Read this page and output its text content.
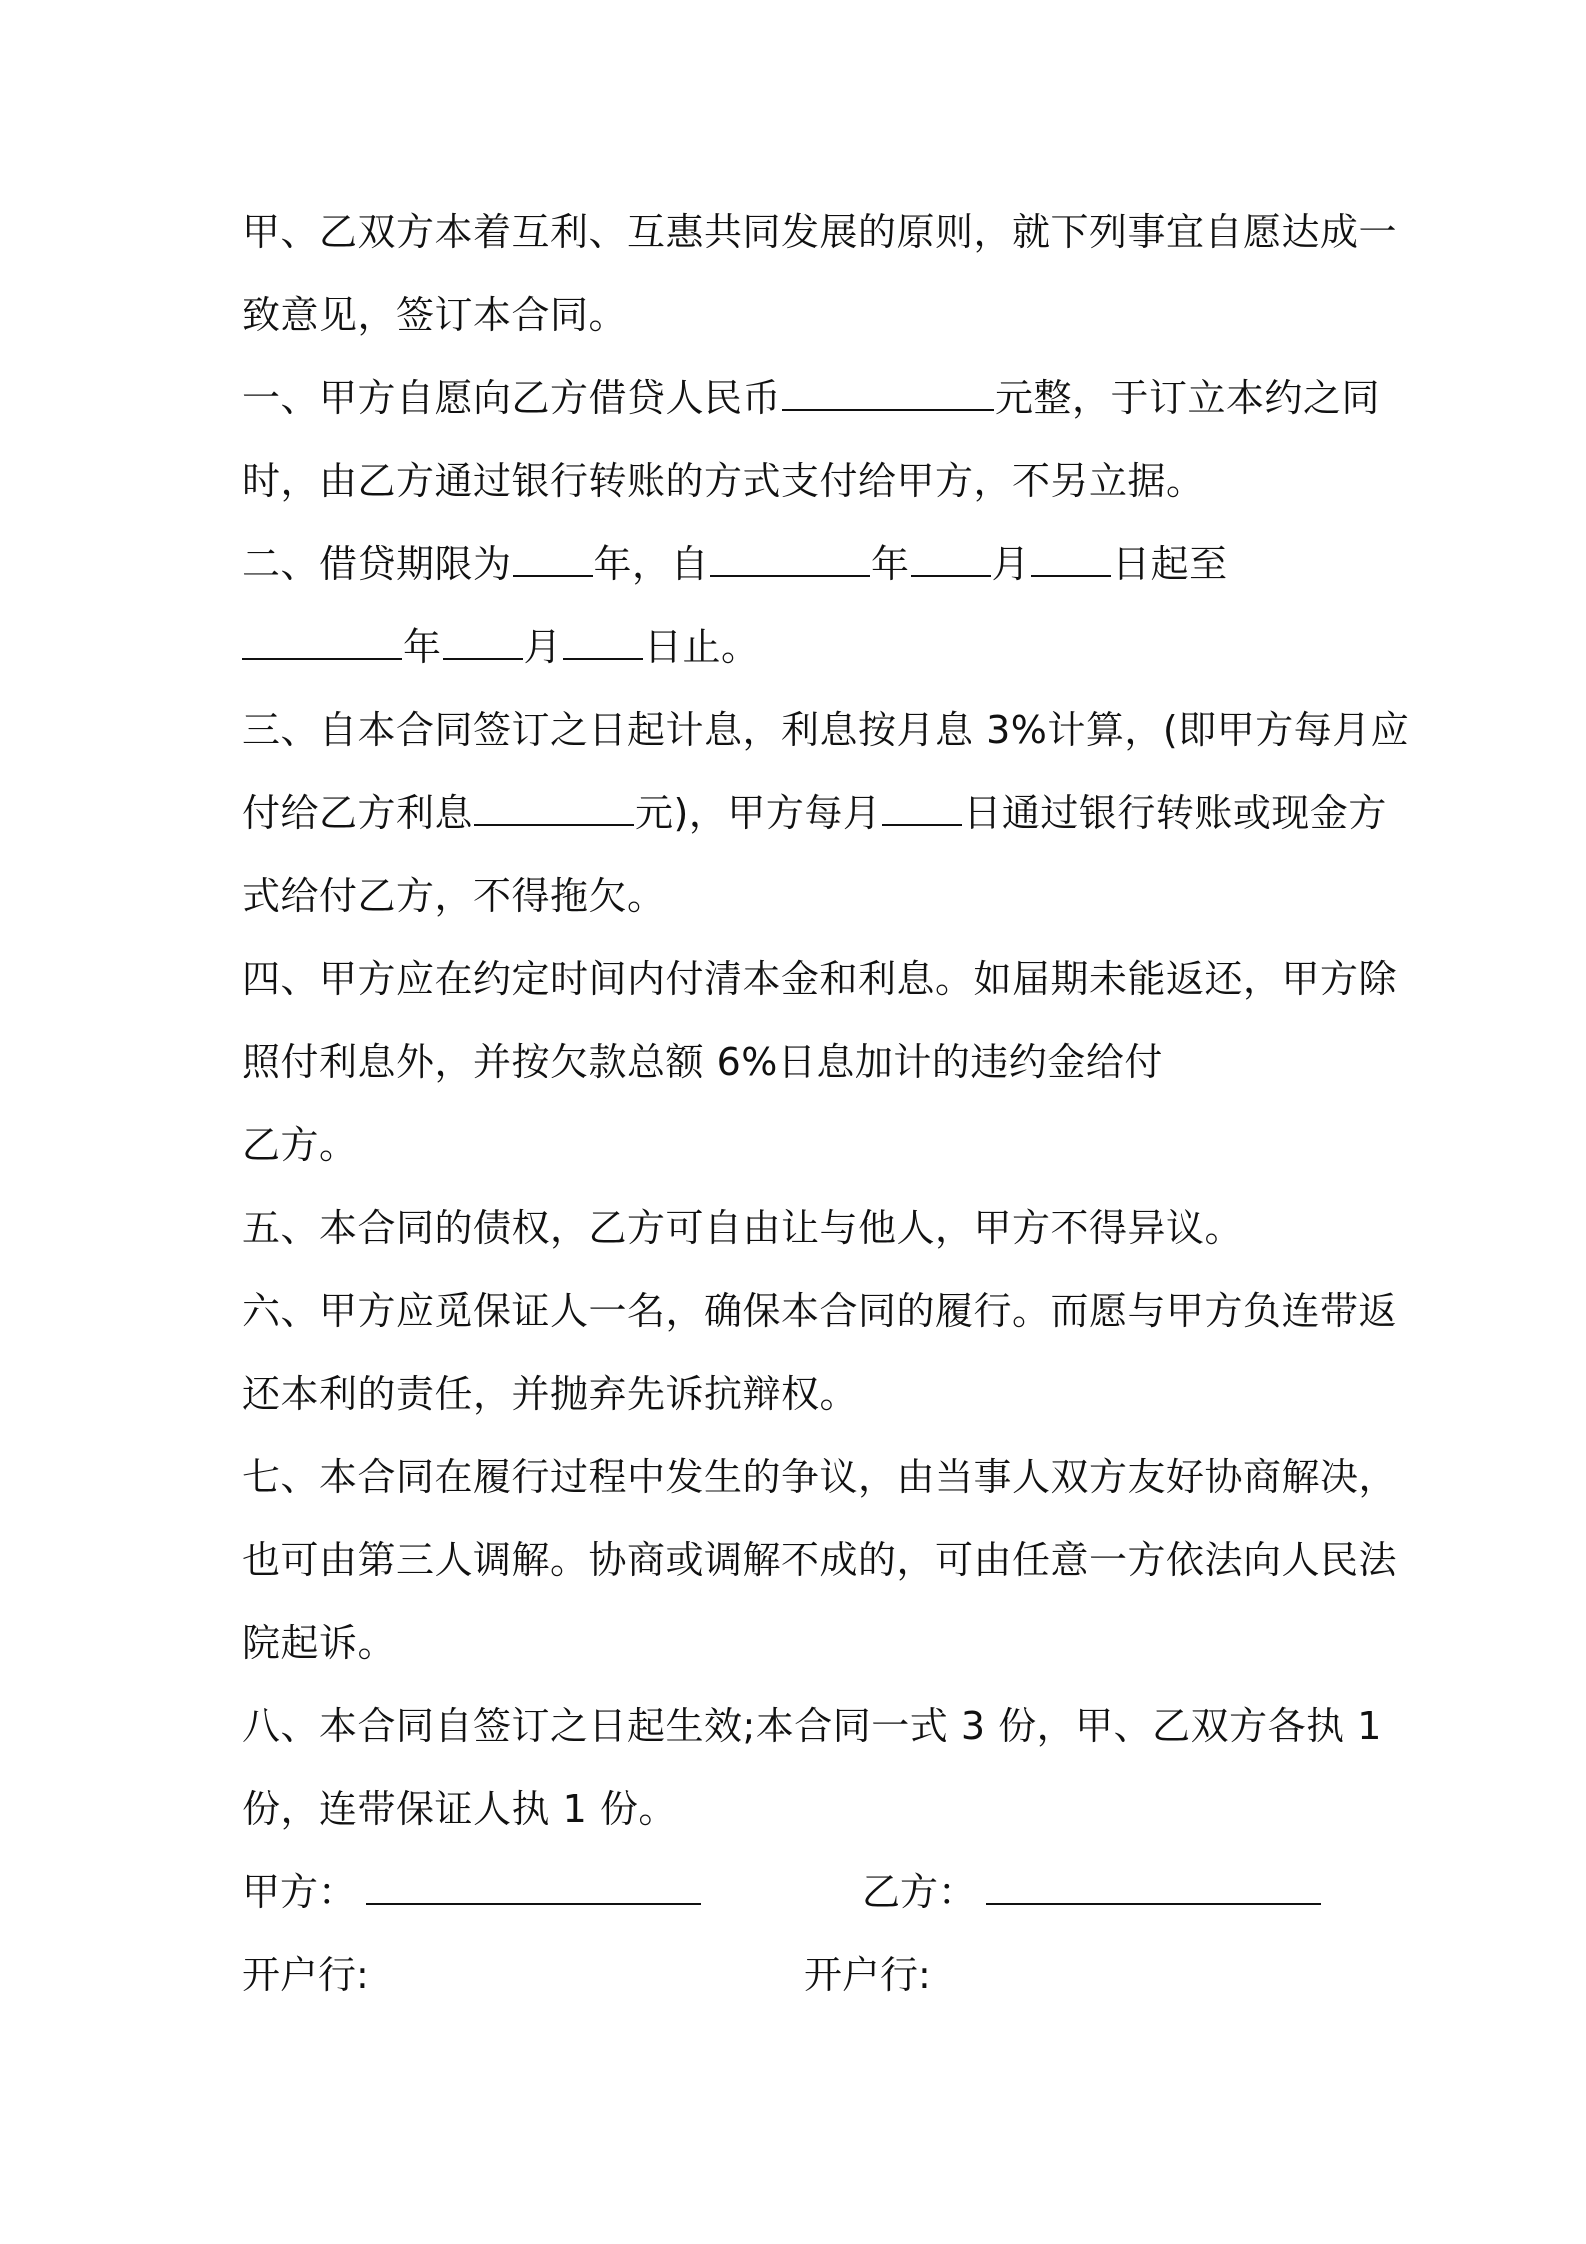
甲、乙双方本着互利、互惠共同发展的原则，就下列事宜自愿达成一
致意见，签订本合同。
一、甲方自愿向乙方借贷人民币	元整，于订立本约之同
时，由乙方通过银行转账的方式支付给甲方，不另立据。
二、借贷期限为 年，自	年 月 日起至
年 月 日止。
三、自本合同签订之日起计息，利息按月息 3%计算，(即甲方每月应
付给乙方利息	元)，甲方每月 日通过银行转账或现金方
式给付乙方，不得拖欠。
四、甲方应在约定时间内付清本金和利息。如届期未能返还，甲方除
照付利息外，并按欠款总额 6%日息加计的违约金给付
乙方。
五、本合同的债权，乙方可自由让与他人，甲方不得异议。
六、甲方应觅保证人一名，确保本合同的履行。而愿与甲方负连带返
还本利的责任，并抛弃先诉抗辩权。
七、本合同在履行过程中发生的争议，由当事人双方友好协商解决，
也可由第三人调解。协商或调解不成的，可由任意一方依法向人民法
院起诉。
八、本合同自签订之日起生效;本合同一式 3 份，甲、乙双方各执 1
份，连带保证人执 1 份。
甲方：	乙方：
开户行:	开户行:
